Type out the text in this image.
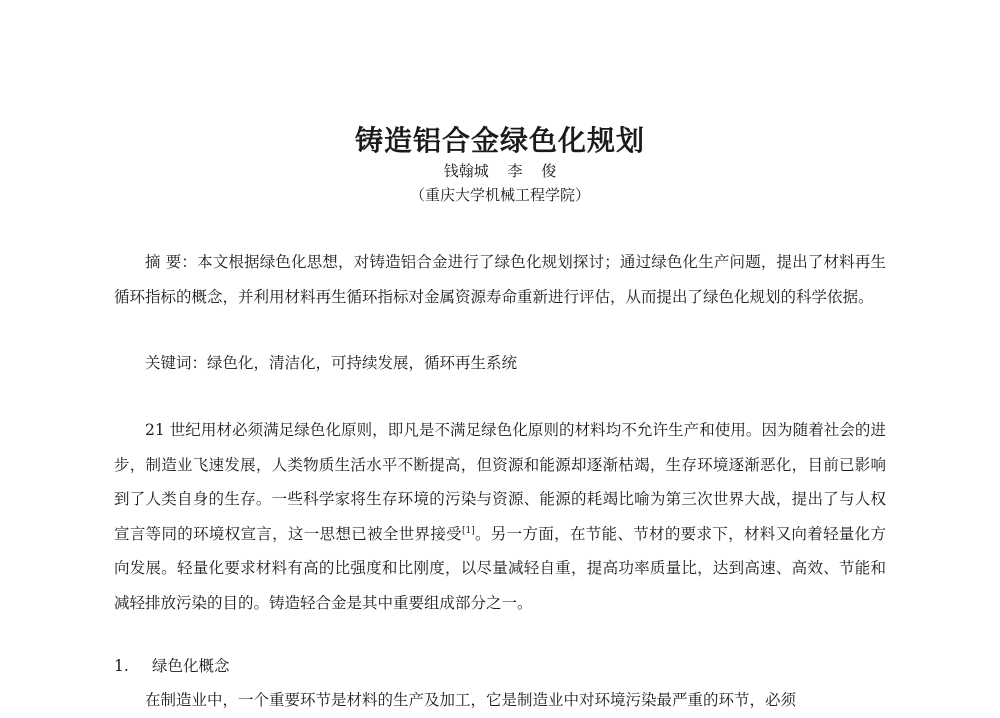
铸造铝合金绿色化规划
钱翰城 李 俊
（重庆大学机械工程学院）

摘 要：本文根据绿色化思想，对铸造铝合金进行了绿色化规划探讨；通过绿色化生产问题，提出了材料再生循环指标的概念，并利用材料再生循环指标对金属资源寿命重新进行评估，从而提出了绿色化规划的科学依据。

关键词：绿色化，清洁化，可持续发展，循环再生系统

21 世纪用材必须满足绿色化原则，即凡是不满足绿色化原则的材料均不允许生产和使用。因为随着社会的进步，制造业飞速发展，人类物质生活水平不断提高，但资源和能源却逐渐枯竭，生存环境逐渐恶化，目前已影响到了人类自身的生存。一些科学家将生存环境的污染与资源、能源的耗竭比喻为第三次世界大战，提出了与人权宣言等同的环境权宣言，这一思想已被全世界接受[1]。另一方面，在节能、节材的要求下，材料又向着轻量化方向发展。轻量化要求材料有高的比强度和比刚度，以尽量减轻自重，提高功率质量比，达到高速、高效、节能和减轻排放污染的目的。铸造轻合金是其中重要组成部分之一。

1. 绿色化概念

在制造业中，一个重要环节是材料的生产及加工，它是制造业中对环境污染最严重的环节，必须
